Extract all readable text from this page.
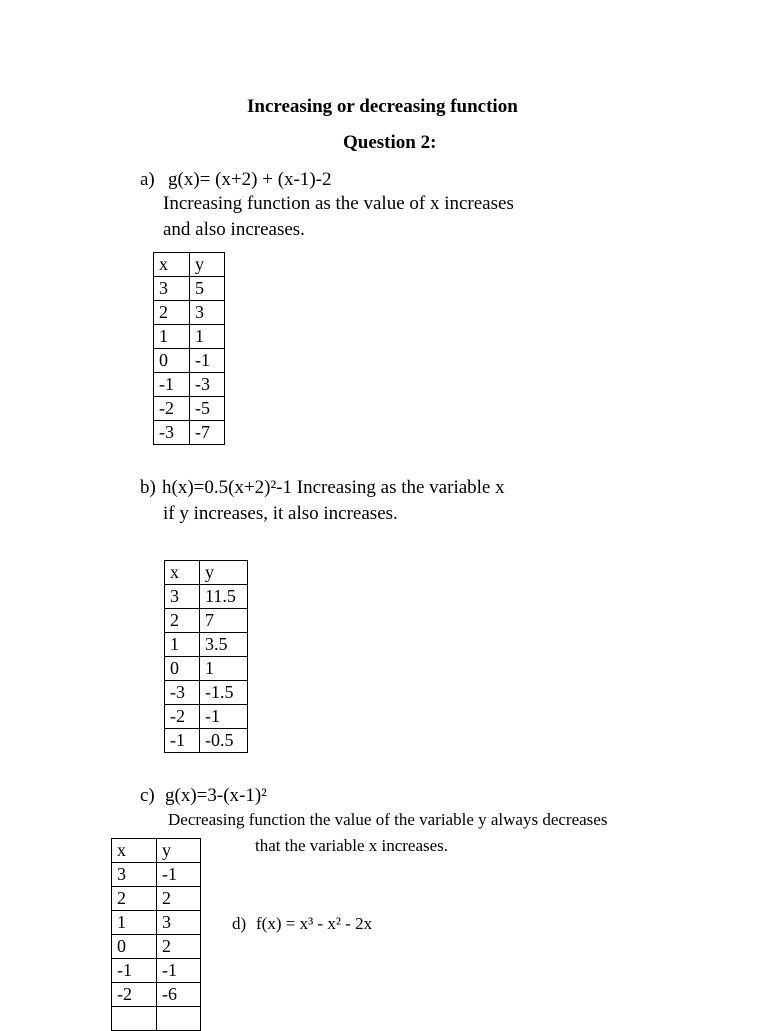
Increasing or decreasing function
Question 2:
a) g(x)= (x+2) + (x-1)-2
Increasing function as the value of x increases
and also increases.
x	y
3	5
2	3
1	1
0	-1
-1	-3
-2	-5
-3	-7
b) h(x)=0.5(x+2)²-1 Increasing as the variable x
if y increases, it also increases.
x	y
3	11.5
2	7
1	3.5
0	1
-3	-1.5
-2	-1
-1	-0.5
c) g(x)=3-(x-1)²
Decreasing function the value of the variable y always decreases
that the variable x increases.
x	y
3	-1
2	2
1	3
0	2
-1	-1
-2	-6

d) f(x) = x³ - x² - 2x
